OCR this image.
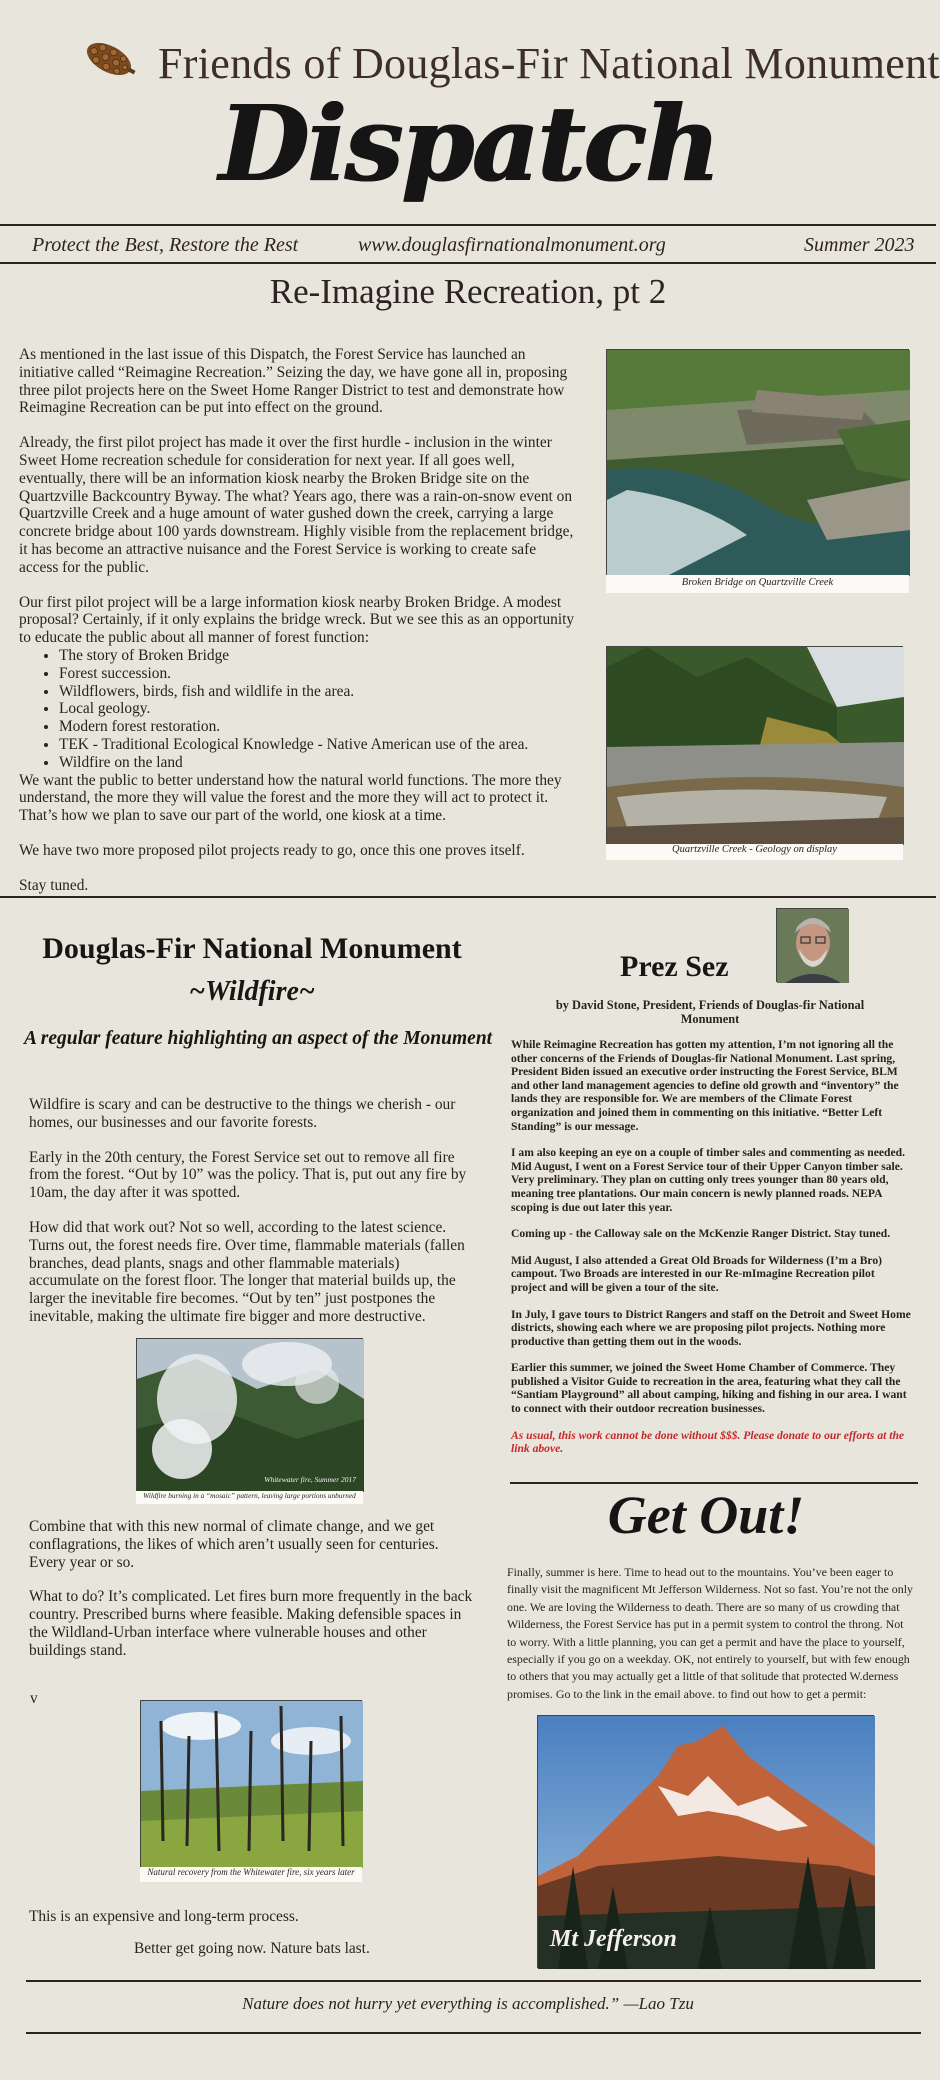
Friends of Douglas-Fir National Monument
Dispatch
Protect the Best, Restore the Rest	www.douglasfirnationalmonument.org	Summer 2023
Re-Imagine Recreation, pt 2

As mentioned in the last issue of this Dispatch, the Forest Service has launched an initiative called “Reimagine Recreation.” Seizing the day, we have gone all in, proposing three pilot projects here on the Sweet Home Ranger District to test and demonstrate how Reimagine Recreation can be put into effect on the ground.

Already, the first pilot project has made it over the first hurdle - inclusion in the winter Sweet Home recreation schedule for consideration for next year. If all goes well, eventually, there will be an information kiosk nearby the Broken Bridge site on the Quartzville Backcountry Byway. The what? Years ago, there was a rain-on-snow event on Quartzville Creek and a huge amount of water gushed down the creek, carrying a large concrete bridge about 100 yards downstream. Highly visible from the replacement bridge, it has become an attractive nuisance and the Forest Service is working to create safe access for the public.

Our first pilot project will be a large information kiosk nearby Broken Bridge. A modest proposal? Certainly, if it only explains the bridge wreck. But we see this as an opportunity to educate the public about all manner of forest function:

• The story of Broken Bridge
• Forest succession.
• Wildflowers, birds, fish and wildlife in the area.
• Local geology.
• Modern forest restoration.
• TEK - Traditional Ecological Knowledge - Native American use of the area.
• Wildfire on the land

We want the public to better understand how the natural world functions. The more they understand, the more they will value the forest and the more they will act to protect it. That’s how we plan to save our part of the world, one kiosk at a time.

We have two more proposed pilot projects ready to go, once this one proves itself.

Stay tuned.

Broken Bridge on Quartzville Creek
Quartzville Creek - Geology on display
Douglas-Fir National Monument
~Wildfire~
A regular feature highlighting an aspect of the Monument

Wildfire is scary and can be destructive to the things we cherish - our homes, our businesses and our favorite forests.

Early in the 20th century, the Forest Service set out to remove all fire from the forest. “Out by 10” was the policy. That is, put out any fire by 10am, the day after it was spotted.

How did that work out? Not so well, according to the latest science. Turns out, the forest needs fire. Over time, flammable materials (fallen branches, dead plants, snags and other flammable materials) accumulate on the forest floor. The longer that material builds up, the larger the inevitable fire becomes. “Out by ten” just postpones the inevitable, making the ultimate fire bigger and more destructive.

Whitewater fire, Summer 2017
Wildfire burning in a “mosaic” pattern, leaving large portions unburned

Combine that with this new normal of climate change, and we get conflagrations, the likes of which aren’t usually seen for centuries. Every year or so.

What to do? It’s complicated. Let fires burn more frequently in the back country. Prescribed burns where feasible. Making defensible spaces in the Wildland-Urban interface where vulnerable houses and other buildings stand.

v
Natural recovery from the Whitewater fire, six years later
This is an expensive and long-term process.
Better get going now. Nature bats last.
Prez Sez
by David Stone, President, Friends of Douglas-fir National Monument

While Reimagine Recreation has gotten my attention, I’m not ignoring all the other concerns of the Friends of Douglas-fir National Monument. Last spring, President Biden issued an executive order instructing the Forest Service, BLM and other land management agencies to define old growth and “inventory” the lands they are responsible for. We are members of the Climate Forest organization and joined them in commenting on this initiative. “Better Left Standing” is our message.

I am also keeping an eye on a couple of timber sales and commenting as needed. Mid August, I went on a Forest Service tour of their Upper Canyon timber sale. Very preliminary. They plan on cutting only trees younger than 80 years old, meaning tree plantations. Our main concern is newly planned roads. NEPA scoping is due out later this year.

Coming up - the Calloway sale on the McKenzie Ranger District. Stay tuned.

Mid August, I also attended a Great Old Broads for Wilderness (I’m a Bro) campout. Two Broads are interested in our Re-mImagine Recreation pilot project and will be given a tour of the site.

In July, I gave tours to District Rangers and staff on the Detroit and Sweet Home districts, showing each where we are proposing pilot projects. Nothing more productive than getting them out in the woods.

Earlier this summer, we joined the Sweet Home Chamber of Commerce. They published a Visitor Guide to recreation in the area, featuring what they call the “Santiam Playground” all about camping, hiking and fishing in our area. I want to connect with their outdoor recreation businesses.

As usual, this work cannot be done without $$$. Please donate to our efforts at the link above.

Get Out!
Finally, summer is here. Time to head out to the mountains. You’ve been eager to finally visit the magnificent Mt Jefferson Wilderness. Not so fast. You’re not the only one. We are loving the Wilderness to death. There are so many of us crowding that Wilderness, the Forest Service has put in a permit system to control the throng. Not to worry. With a little planning, you can get a permit and have the place to yourself, especially if you go on a weekday. OK, not entirely to yourself, but with few enough to others that you may actually get a little of that solitude that protected W.derness promises. Go to the link in the email above. to find out how to get a permit:
Mt Jefferson
Photo©Greg Lief
Nature does not hurry yet everything is accomplished.” —Lao Tzu
